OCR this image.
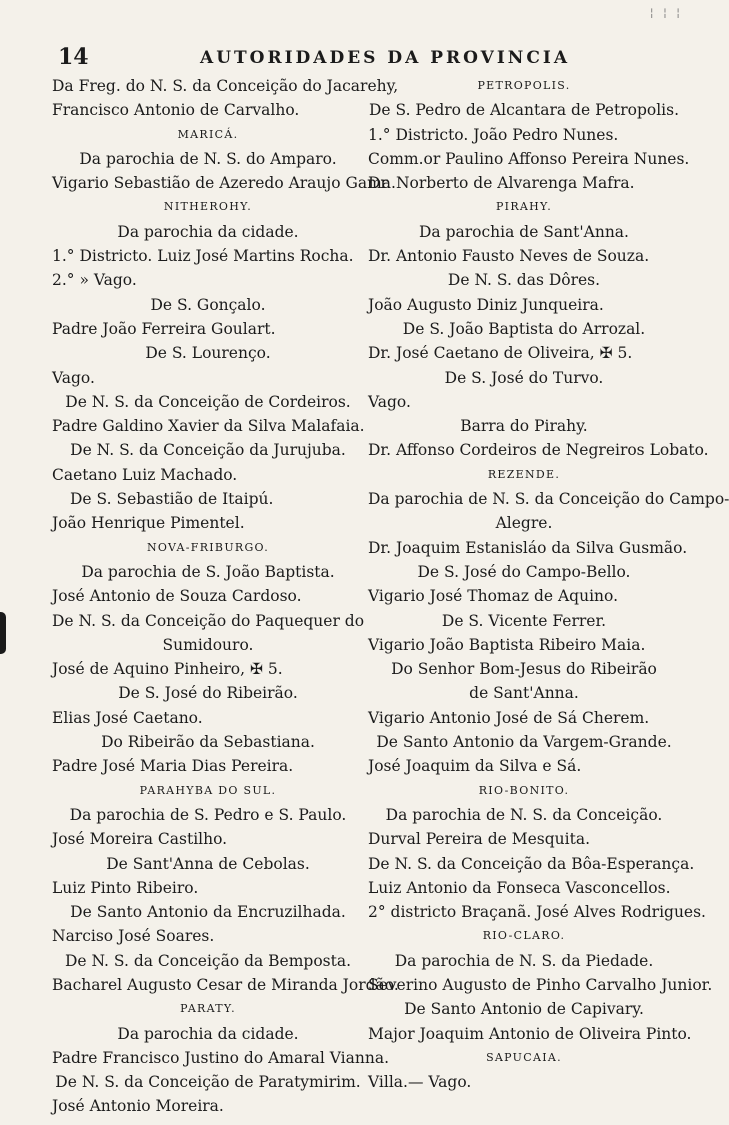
¦ ¦ ¦
14	AUTORIDADES DA PROVINCIA
Da Freg. do N. S. da Conceição do Jacarehy,
Francisco Antonio de Carvalho.
MARICÁ.
Da parochia de N. S. do Amparo.
Vigario Sebastião de Azeredo Araujo Gama.
NITHEROHY.
Da parochia da cidade.
1.° Districto. Luiz José Martins Rocha.
2.° » Vago.
De S. Gonçalo.
Padre João Ferreira Goulart.
De S. Lourenço.
Vago.
De N. S. da Conceição de Cordeiros.
Padre Galdino Xavier da Silva Malafaia.
De N. S. da Conceição da Jurujuba.
Caetano Luiz Machado.
De S. Sebastião de Itaipú.
João Henrique Pimentel.
NOVA-FRIBURGO.
Da parochia de S. João Baptista.
José Antonio de Souza Cardoso.
De N. S. da Conceição do Paquequer do
Sumidouro.
José de Aquino Pinheiro, ✠ 5.
De S. José do Ribeirão.
Elias José Caetano.
Do Ribeirão da Sebastiana.
Padre José Maria Dias Pereira.
PARAHYBA DO SUL.
Da parochia de S. Pedro e S. Paulo.
José Moreira Castilho.
De Sant'Anna de Cebolas.
Luiz Pinto Ribeiro.
De Santo Antonio da Encruzilhada.
Narciso José Soares.
De N. S. da Conceição da Bemposta.
Bacharel Augusto Cesar de Miranda Jordão.
PARATY.
Da parochia da cidade.
Padre Francisco Justino do Amaral Vianna.
De N. S. da Conceição de Paratymirim.
José Antonio Moreira.
PETROPOLIS.
De S. Pedro de Alcantara de Petropolis.
1.° Districto. João Pedro Nunes.
Comm.or Paulino Affonso Pereira Nunes.
Dr. Norberto de Alvarenga Mafra.
PIRAHY.
Da parochia de Sant'Anna.
Dr. Antonio Fausto Neves de Souza.
De N. S. das Dôres.
João Augusto Diniz Junqueira.
De S. João Baptista do Arrozal.
Dr. José Caetano de Oliveira, ✠ 5.
De S. José do Turvo.
Vago.
Barra do Pirahy.
Dr. Affonso Cordeiros de Negreiros Lobato.
REZENDE.
Da parochia de N. S. da Conceição do Campo-
Alegre.
Dr. Joaquim Estanisláo da Silva Gusmão.
De S. José do Campo-Bello.
Vigario José Thomaz de Aquino.
De S. Vicente Ferrer.
Vigario João Baptista Ribeiro Maia.
Do Senhor Bom-Jesus do Ribeirão
de Sant'Anna.
Vigario Antonio José de Sá Cherem.
De Santo Antonio da Vargem-Grande.
José Joaquim da Silva e Sá.
RIO-BONITO.
Da parochia de N. S. da Conceição.
Durval Pereira de Mesquita.
De N. S. da Conceição da Bôa-Esperança.
Luiz Antonio da Fonseca Vasconcellos.
2° districto Braçanã. José Alves Rodrigues.
RIO-CLARO.
Da parochia de N. S. da Piedade.
Severino Augusto de Pinho Carvalho Junior.
De Santo Antonio de Capivary.
Major Joaquim Antonio de Oliveira Pinto.
SAPUCAIA.
Villa.— Vago.
